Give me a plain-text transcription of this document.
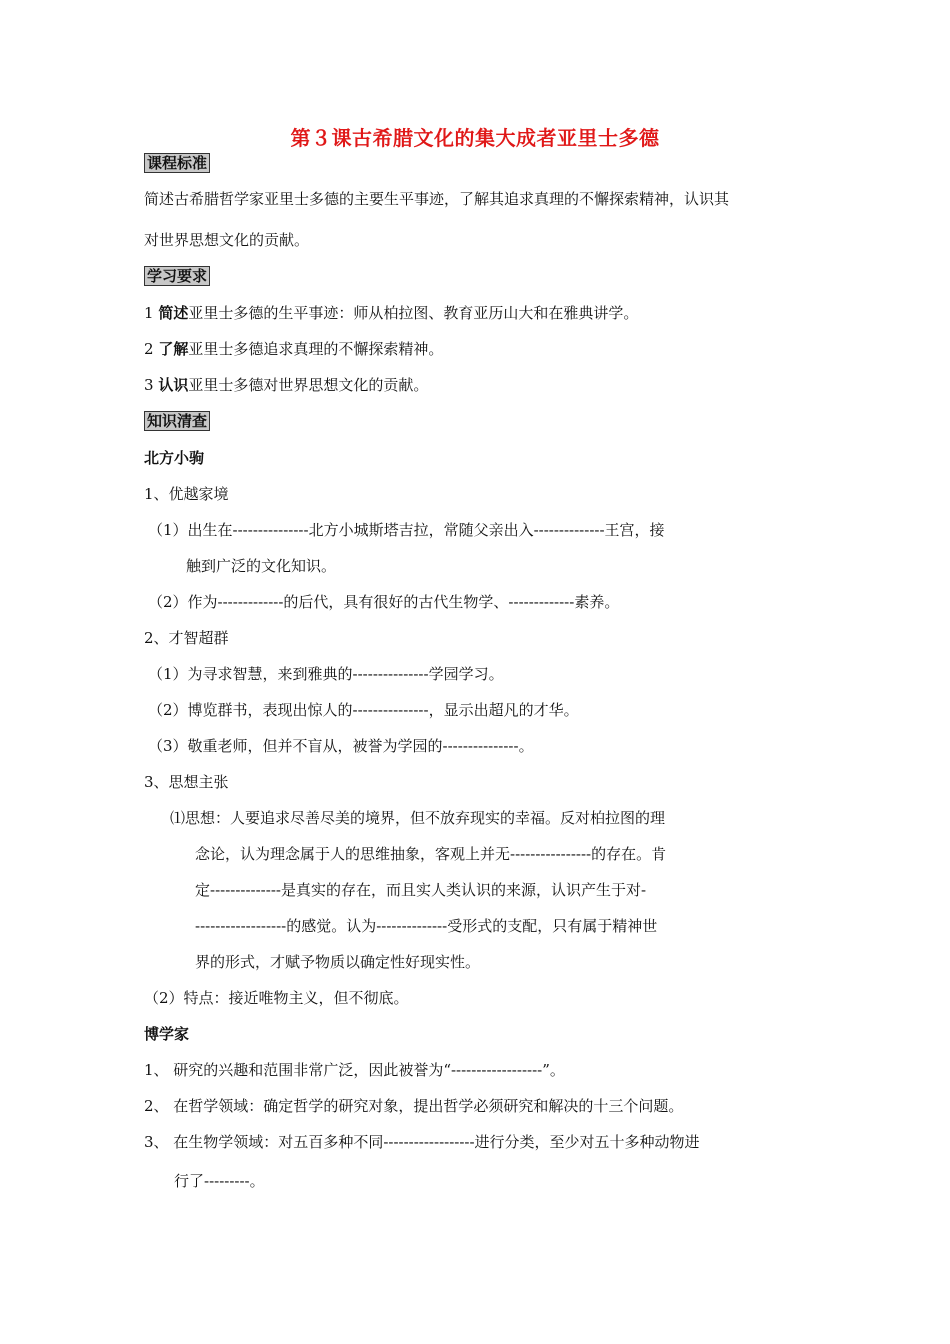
第３课古希腊文化的集大成者亚里士多德
课程标准
简述古希腊哲学家亚里士多德的主要生平事迹，了解其追求真理的不懈探索精神，认识其
对世界思想文化的贡献。
学习要求
1 简述亚里士多德的生平事迹：师从柏拉图、教育亚历山大和在雅典讲学。
2 了解亚里士多德追求真理的不懈探索精神。
3 认识亚里士多德对世界思想文化的贡献。
知识清查
北方小驹
1、优越家境
（1）出生在---------------北方小城斯塔吉拉，常随父亲出入--------------王宫，接
触到广泛的文化知识。
（2）作为-------------的后代，具有很好的古代生物学、-------------素养。
2、才智超群
（1）为寻求智慧，来到雅典的---------------学园学习。
（2）博览群书，表现出惊人的---------------，显示出超凡的才华。
（3）敬重老师，但并不盲从，被誉为学园的---------------。
3、思想主张
⑴思想：人要追求尽善尽美的境界，但不放弃现实的幸福。反对柏拉图的理
念论，认为理念属于人的思维抽象，客观上并无----------------的存在。肯
定--------------是真实的存在，而且实人类认识的来源，认识产生于对-
------------------的感觉。认为--------------受形式的支配，只有属于精神世
界的形式，才赋予物质以确定性好现实性。
（2）特点：接近唯物主义，但不彻底。
博学家
1、 研究的兴趣和范围非常广泛，因此被誉为“------------------”。
2、 在哲学领域：确定哲学的研究对象，提出哲学必须研究和解决的十三个问题。
3、 在生物学领域：对五百多种不同------------------进行分类，至少对五十多种动物进
行了---------。
